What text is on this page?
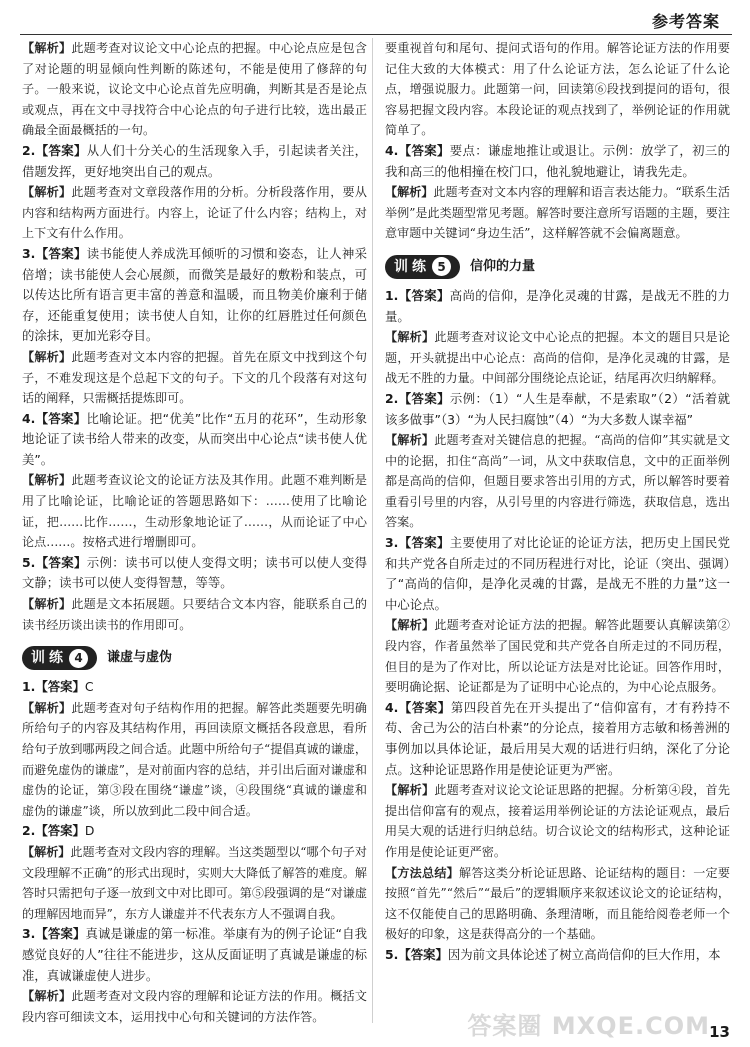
参考答案

【解析】此题考查对议论文中心论点的把握。中心论点应是包含了对论题的明显倾向性判断的陈述句，不能是使用了修辞的句子。一般来说，议论文中心论点首先应明确，判断其是否是论点或观点，再在文中寻找符合中心论点的句子进行比较，选出最正确最全面最概括的一句。

2.【答案】从人们十分关心的生活现象入手，引起读者关注，借题发挥，更好地突出自己的观点。

【解析】此题考查对文章段落作用的分析。分析段落作用，要从内容和结构两方面进行。内容上，论证了什么内容；结构上，对上下文有什么作用。

3.【答案】读书能使人养成洗耳倾听的习惯和姿态，让人神采倍增；读书能使人会心展颜，而微笑是最好的敷粉和装点，可以传达比所有语言更丰富的善意和温暖，而且物美价廉利于储存，还能重复使用；读书使人自知，让你的红唇胜过任何颜色的涂抹，更加光彩夺目。

【解析】此题考查对文本内容的把握。首先在原文中找到这个句子，不难发现这是个总起下文的句子。下文的几个段落有对这句话的阐释，只需概括提炼即可。

4.【答案】比喻论证。把“优美”比作“五月的花环”，生动形象地论证了读书给人带来的改变，从而突出中心论点“读书使人优美”。

【解析】此题考查议论文的论证方法及其作用。此题不难判断是用了比喻论证，比喻论证的答题思路如下：……使用了比喻论证，把……比作……，生动形象地论证了……，从而论证了中心论点……。按格式进行增删即可。

5.【答案】示例：读书可以使人变得文明；读书可以使人变得文静；读书可以使人变得智慧，等等。

【解析】此题是文本拓展题。只要结合文本内容，能联系自己的读书经历谈出读书的作用即可。

训练 4	谦虚与虚伪

1.【答案】C

【解析】此题考查对句子结构作用的把握。解答此类题要先明确所给句子的内容及其结构作用，再回读原文概括各段意思，看所给句子放到哪两段之间合适。此题中所给句子“提倡真诚的谦虚，而避免虚伪的谦虚”，是对前面内容的总结，并引出后面对谦虚和虚伪的论证，第③段在围绕“谦虚”谈，④段围绕“真诚的谦虚和虚伪的谦虚”谈，所以放到此二段中间合适。

2.【答案】D

【解析】此题考查对文段内容的理解。当这类题型以“哪个句子对文段理解不正确”的形式出现时，实则大大降低了解答的难度。解答时只需把句子逐一放到文中对比即可。第⑤段强调的是“对谦虚的理解因地而异”，东方人谦虚并不代表东方人不强调自我。

3.【答案】真诚是谦虚的第一标准。举康有为的例子论证“自我感觉良好的人”往往不能进步，这从反面证明了真诚是谦虚的标准，真诚谦虚使人进步。

【解析】此题考查对文段内容的理解和论证方法的作用。概括文段内容可细读文本，运用找中心句和关键词的方法作答。

要重视首句和尾句、提问式语句的作用。解答论证方法的作用要记住大致的大体模式：用了什么论证方法，怎么论证了什么论点，增强说服力。此题第一问，回读第⑥段找到提问的语句，很容易把握文段内容。本段论证的观点找到了，举例论证的作用就简单了。

4.【答案】要点：谦虚地推让或退让。示例：放学了，初三的我和高三的他相撞在校门口，他礼貌地避让，请我先走。

【解析】此题考查对文本内容的理解和语言表达能力。“联系生活举例”是此类题型常见考题。解答时要注意所写语题的主题，要注意审题中关键词“身边生活”，这样解答就不会偏离题意。

训练 5	信仰的力量

1.【答案】高尚的信仰，是净化灵魂的甘露，是战无不胜的力量。

【解析】此题考查对议论文中心论点的把握。本文的题目只是论题，开头就提出中心论点：高尚的信仰，是净化灵魂的甘露，是战无不胜的力量。中间部分围绕论点论证，结尾再次归纳解释。

2.【答案】示例：（1）“人生是奉献，不是索取”（2）“活着就该多做事”（3）“为人民扫腐蚀”（4）“为大多数人谋幸福”

【解析】此题考查对关键信息的把握。“高尚的信仰”其实就是文中的论据，扣住“高尚”一词，从文中获取信息，文中的正面举例都是高尚的信仰，但题目要求答出引用的方式，所以解答时要着重看引号里的内容，从引号里的内容进行筛选，获取信息，选出答案。

3.【答案】主要使用了对比论证的论证方法，把历史上国民党和共产党各自所走过的不同历程进行对比，论证（突出、强调）了“高尚的信仰，是净化灵魂的甘露，是战无不胜的力量”这一中心论点。

【解析】此题考查对论证方法的把握。解答此题要认真解读第②段内容，作者虽然举了国民党和共产党各自所走过的不同历程，但目的是为了作对比，所以论证方法是对比论证。回答作用时，要明确论据、论证都是为了证明中心论点的，为中心论点服务。

4.【答案】第四段首先在开头提出了“信仰富有，才有矜持不苟、舍己为公的洁白朴素”的分论点，接着用方志敏和杨善洲的事例加以具体论证，最后用吴大观的话进行归纳，深化了分论点。这种论证思路作用是使论证更为严密。

【解析】此题考查对议论文论证思路的把握。分析第④段，首先提出信仰富有的观点，接着运用举例论证的方法论证观点，最后用吴大观的话进行归纳总结。切合议论文的结构形式，这种论证作用是使论证更严密。

【方法总结】解答这类分析论证思路、论证结构的题目：一定要按照“首先”“然后”“最后”的逻辑顺序来叙述议论文的论证结构，这不仅能使自己的思路明确、条理清晰，而且能给阅卷老师一个极好的印象，这是获得高分的一个基础。

5.【答案】因为前文具体论述了树立高尚信仰的巨大作用，本

答案圈 MXQE.COM 13
